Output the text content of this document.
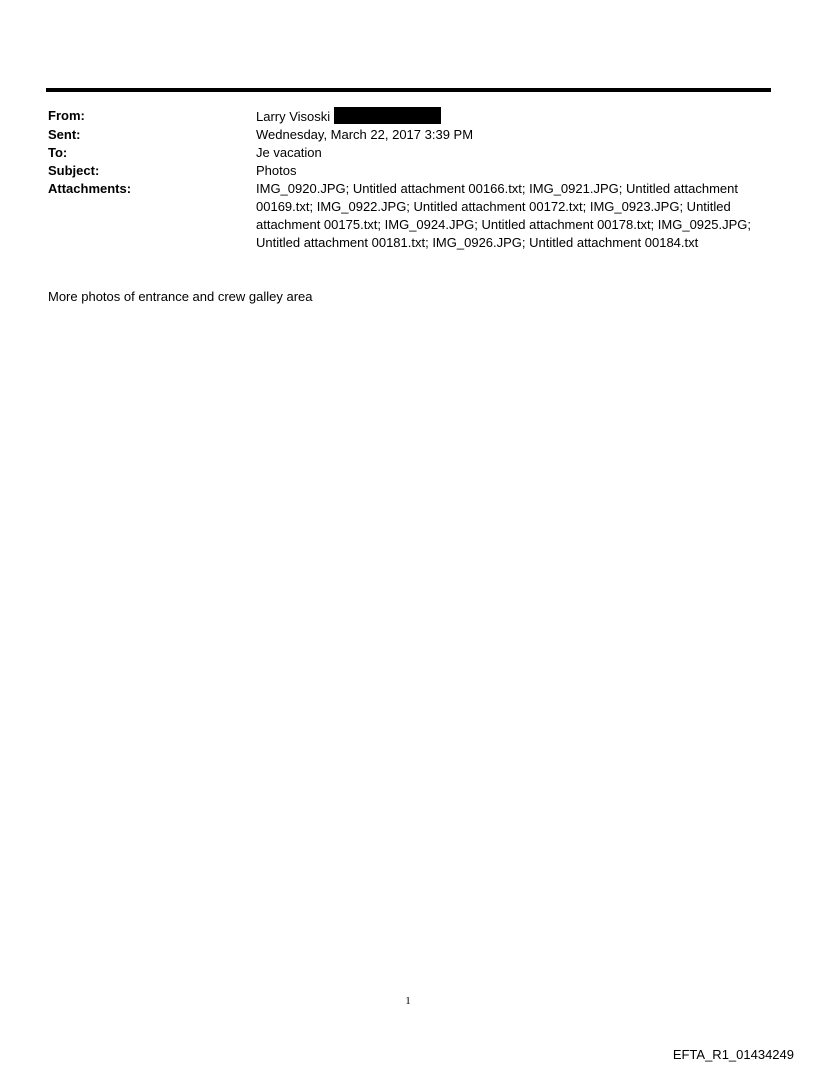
From:	Larry Visoski
Sent:	Wednesday, March 22, 2017 3:39 PM
To:	Je vacation
Subject:	Photos
Attachments:	IMG_0920.JPG; Untitled attachment 00166.txt; IMG_0921.JPG; Untitled attachment
00169.txt; IMG_0922.JPG; Untitled attachment 00172.txt; IMG_0923.JPG; Untitled
attachment 00175.txt; IMG_0924.JPG; Untitled attachment 00178.txt; IMG_0925.JPG;
Untitled attachment 00181.txt; IMG_0926.JPG; Untitled attachment 00184.txt
More photos of entrance and crew galley area
1
EFTA_R1_01434249
